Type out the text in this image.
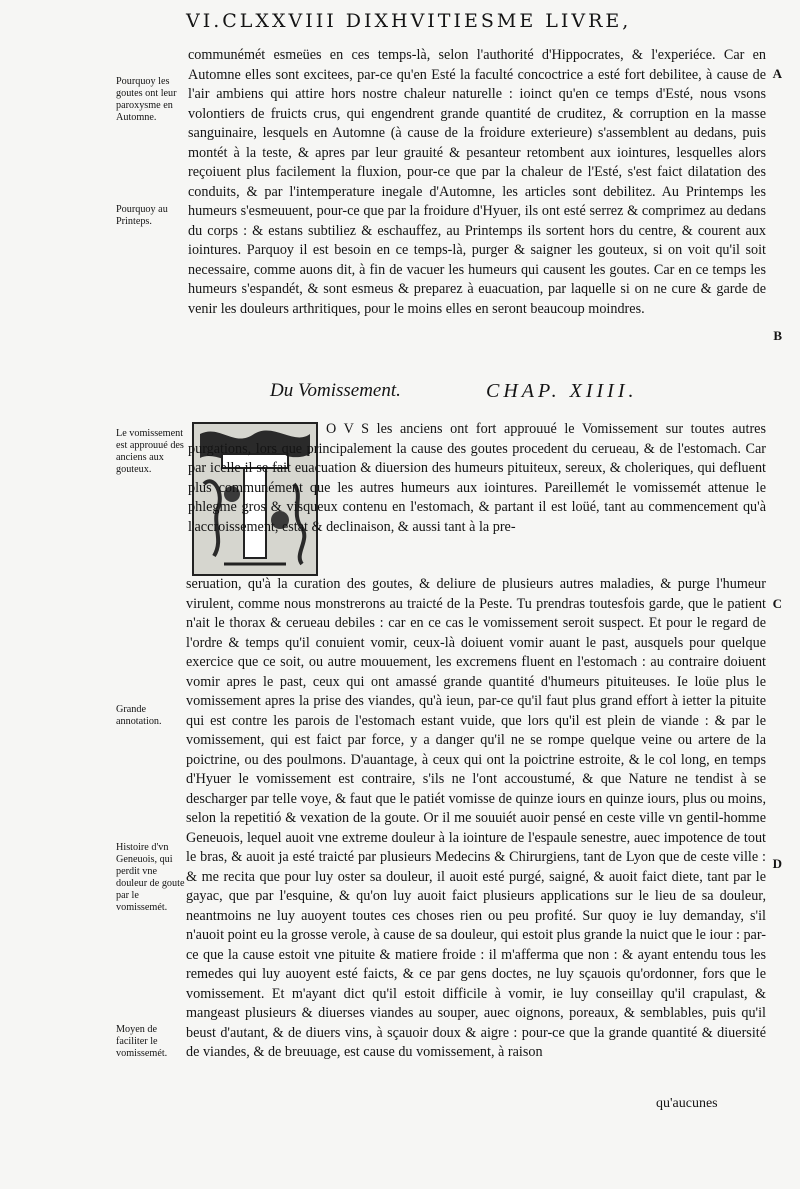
VI.CLXXVIII DIXHVITIESME LIVRE,

communémét esmeües en ces temps-là, selon l'authorité d'Hippocrates, & l'experiéce. Car en Automne elles sont excitees, par-ce qu'en Esté la faculté concoctrice a esté fort debilitee, à cause de l'air ambiens qui attire hors nostre chaleur naturelle : ioinct qu'en ce temps d'Esté, nous vsons volontiers de fruicts crus, qui engendrent grande quantité de cruditez, & corruption en la masse sanguinaire, lesquels en Automne (à cause de la froidure exterieure) s'assemblent au dedans, puis montét à la teste, & apres par leur grauité & pesanteur retombent aux iointures, lesquelles alors reçoiuent plus facilement la fluxion, pour-ce que par la chaleur de l'Esté, s'est faict dilatation des conduits, & par l'intemperature inegale d'Automne, les articles sont debilitez. Au Printemps les humeurs s'esmeuuent, pour-ce que par la froidure d'Hyuer, ils ont esté serrez & comprimez au dedans du corps : & estans subtiliez & eschauffez, au Printemps ils sortent hors du centre, & courent aux iointures. Parquoy il est besoin en ce temps-là, purger & saigner les gouteux, si on voit qu'il soit necessaire, comme auons dit, à fin de vacuer les humeurs qui causent les goutes. Car en ce temps les humeurs s'espandét, & sont esmeus & preparez à euacuation, par laquelle si on ne cure & garde de venir les douleurs arthritiques, pour le moins elles en seront beaucoup moindres.

Du Vomissement.	CHAP. XIIII.

O V S les anciens ont fort approuué le Vomissement sur toutes autres purgations, lors que principalement la cause des goutes procedent du cerueau, & de l'estomach. Car par icelle il se fait euacuation & diuersion des humeurs pituiteux, sereux, & choleriques, qui defluent plus communément que les autres humeurs aux iointures. Pareillemét le vomissemét attenue le phlegme gros & visqueux contenu en l'estomach, & partant il est loüé, tant au commencement qu'à l'accroissement, estat & declinaison, & aussi tant à la pre-

seruation, qu'à la curation des goutes, & deliure de plusieurs autres maladies, & purge l'humeur virulent, comme nous monstrerons au traicté de la Peste. Tu prendras toutesfois garde, que le patient n'ait le thorax & cerueau debiles : car en ce cas le vomissement seroit suspect. Et pour le regard de l'ordre & temps qu'il conuient vomir, ceux-là doiuent vomir auant le past, ausquels pour quelque exercice que ce soit, ou autre mouuement, les excremens fluent en l'estomach : au contraire doiuent vomir apres le past, ceux qui ont amassé grande quantité d'humeurs pituiteuses. Ie loüe plus le vomissement apres la prise des viandes, qu'à ieun, par-ce qu'il faut plus grand effort à ietter la pituite qui est contre les parois de l'estomach estant vuide, que lors qu'il est plein de viande : & par le vomissement, qui est faict par force, y a danger qu'il ne se rompe quelque veine ou artere de la poictrine, ou des poulmons. D'auantage, à ceux qui ont la poictrine estroite, & le col long, en temps d'Hyuer le vomissement est contraire, s'ils ne l'ont accoustumé, & que Nature ne tendist à se descharger par telle voye, & faut que le patiét vomisse de quinze iours en quinze iours, plus ou moins, selon la repetitió & vexation de la goute. Or il me souuiét auoir pensé en ceste ville vn gentil-homme Geneuois, lequel auoit vne extreme douleur à la iointure de l'espaule senestre, auec impotence de tout le bras, & auoit ja esté traicté par plusieurs Medecins & Chirurgiens, tant de Lyon que de ceste ville : & me recita que pour luy oster sa douleur, il auoit esté purgé, saigné, & auoit faict diete, tant par le gayac, que par l'esquine, & qu'on luy auoit faict plusieurs applications sur le lieu de sa douleur, neantmoins ne luy auoyent toutes ces choses rien ou peu profité. Sur quoy ie luy demanday, s'il n'auoit point eu la grosse verole, à cause de sa douleur, qui estoit plus grande la nuict que le iour : par-ce que la cause estoit vne pituite & matiere froide : il m'afferma que non : & ayant entendu tous les remedes qui luy auoyent esté faicts, & ce par gens doctes, ne luy sçauois qu'ordonner, fors que le vomissement. Et m'ayant dict qu'il estoit difficile à vomir, ie luy conseillay qu'il crapulast, & mangeast plusieurs & diuerses viandes au souper, auec oignons, poreaux, & semblables, puis qu'il beust d'autant, & de diuers vins, à sçauoir doux & aigre : pour-ce que la grande quantité & diuersité de viandes, & de breuuage, est cause du vomissement, à raison

qu'aucunes
Pourquoy les goutes ont leur paroxysme en Automne.
Pourquoy au Printeps.
Le vomissement est approuué des anciens aux gouteux.
Grande annotation.
Histoire d'vn Geneuois, qui perdit vne douleur de goute par le vomissemét.
Moyen de faciliter le vomissemét.
A
B
C
D
